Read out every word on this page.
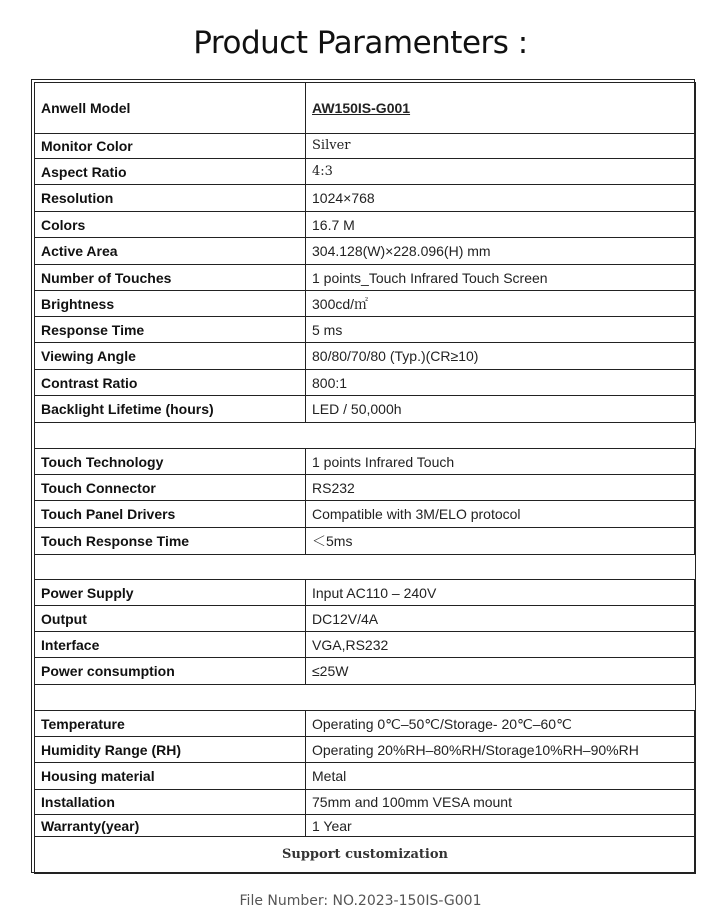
Product Paramenters :
Anwell Model	AW150IS-G001
Monitor Color	Silver
Aspect Ratio	4:3
Resolution	1024×768
Colors	16.7 M
Active Area	304.128(W)×228.096(H) mm
Number of Touches	1 points_Touch Infrared Touch Screen
Brightness	300cd/㎡
Response Time	5 ms
Viewing Angle	80/80/70/80 (Typ.)(CR≥10)
Contrast Ratio	800:1
Backlight Lifetime (hours)	LED / 50,000h

Touch Technology	1 points Infrared Touch
Touch Connector	RS232
Touch Panel Drivers	Compatible with 3M/ELO protocol
Touch Response Time	＜5ms

Power Supply	Input AC110 – 240V
Output	DC12V/4A
Interface	VGA,RS232
Power consumption	≤25W

Temperature	Operating 0℃–50℃/Storage- 20℃–60℃
Humidity Range (RH)	Operating 20%RH–80%RH/Storage10%RH–90%RH
Housing material	Metal
Installation	75mm and 100mm VESA mount
Warranty(year)	1 Year
Support customization	
File Number: NO.2023-150IS-G001
